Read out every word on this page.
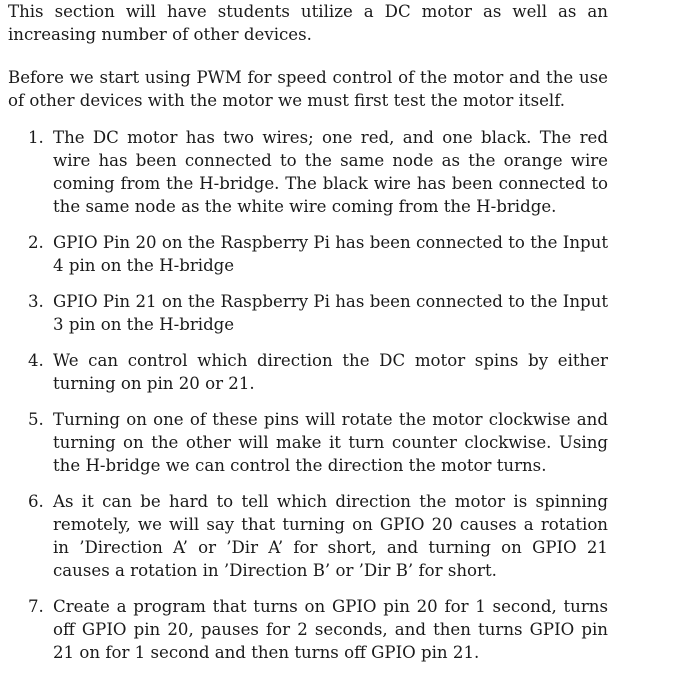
This section will have students utilize a DC motor as well as an increasing number of other devices.

Before we start using PWM for speed control of the motor and the use of other devices with the motor we must first test the motor itself.

1. The DC motor has two wires; one red, and one black. The red wire has been connected to the same node as the orange wire coming from the H-bridge. The black wire has been connected to the same node as the white wire coming from the H-bridge.
2. GPIO Pin 20 on the Raspberry Pi has been connected to the Input 4 pin on the H-bridge
3. GPIO Pin 21 on the Raspberry Pi has been connected to the Input 3 pin on the H-bridge
4. We can control which direction the DC motor spins by either turning on pin 20 or 21.
5. Turning on one of these pins will rotate the motor clockwise and turning on the other will make it turn counter clockwise. Using the H-bridge we can control the direction the motor turns.
6. As it can be hard to tell which direction the motor is spinning remotely, we will say that turning on GPIO 20 causes a rotation in ’Direction A’ or ’Dir A’ for short, and turning on GPIO 21 causes a rotation in ’Direction B’ or ’Dir B’ for short.
7. Create a program that turns on GPIO pin 20 for 1 second, turns off GPIO pin 20, pauses for 2 seconds, and then turns GPIO pin 21 on for 1 second and then turns off GPIO pin 21.
